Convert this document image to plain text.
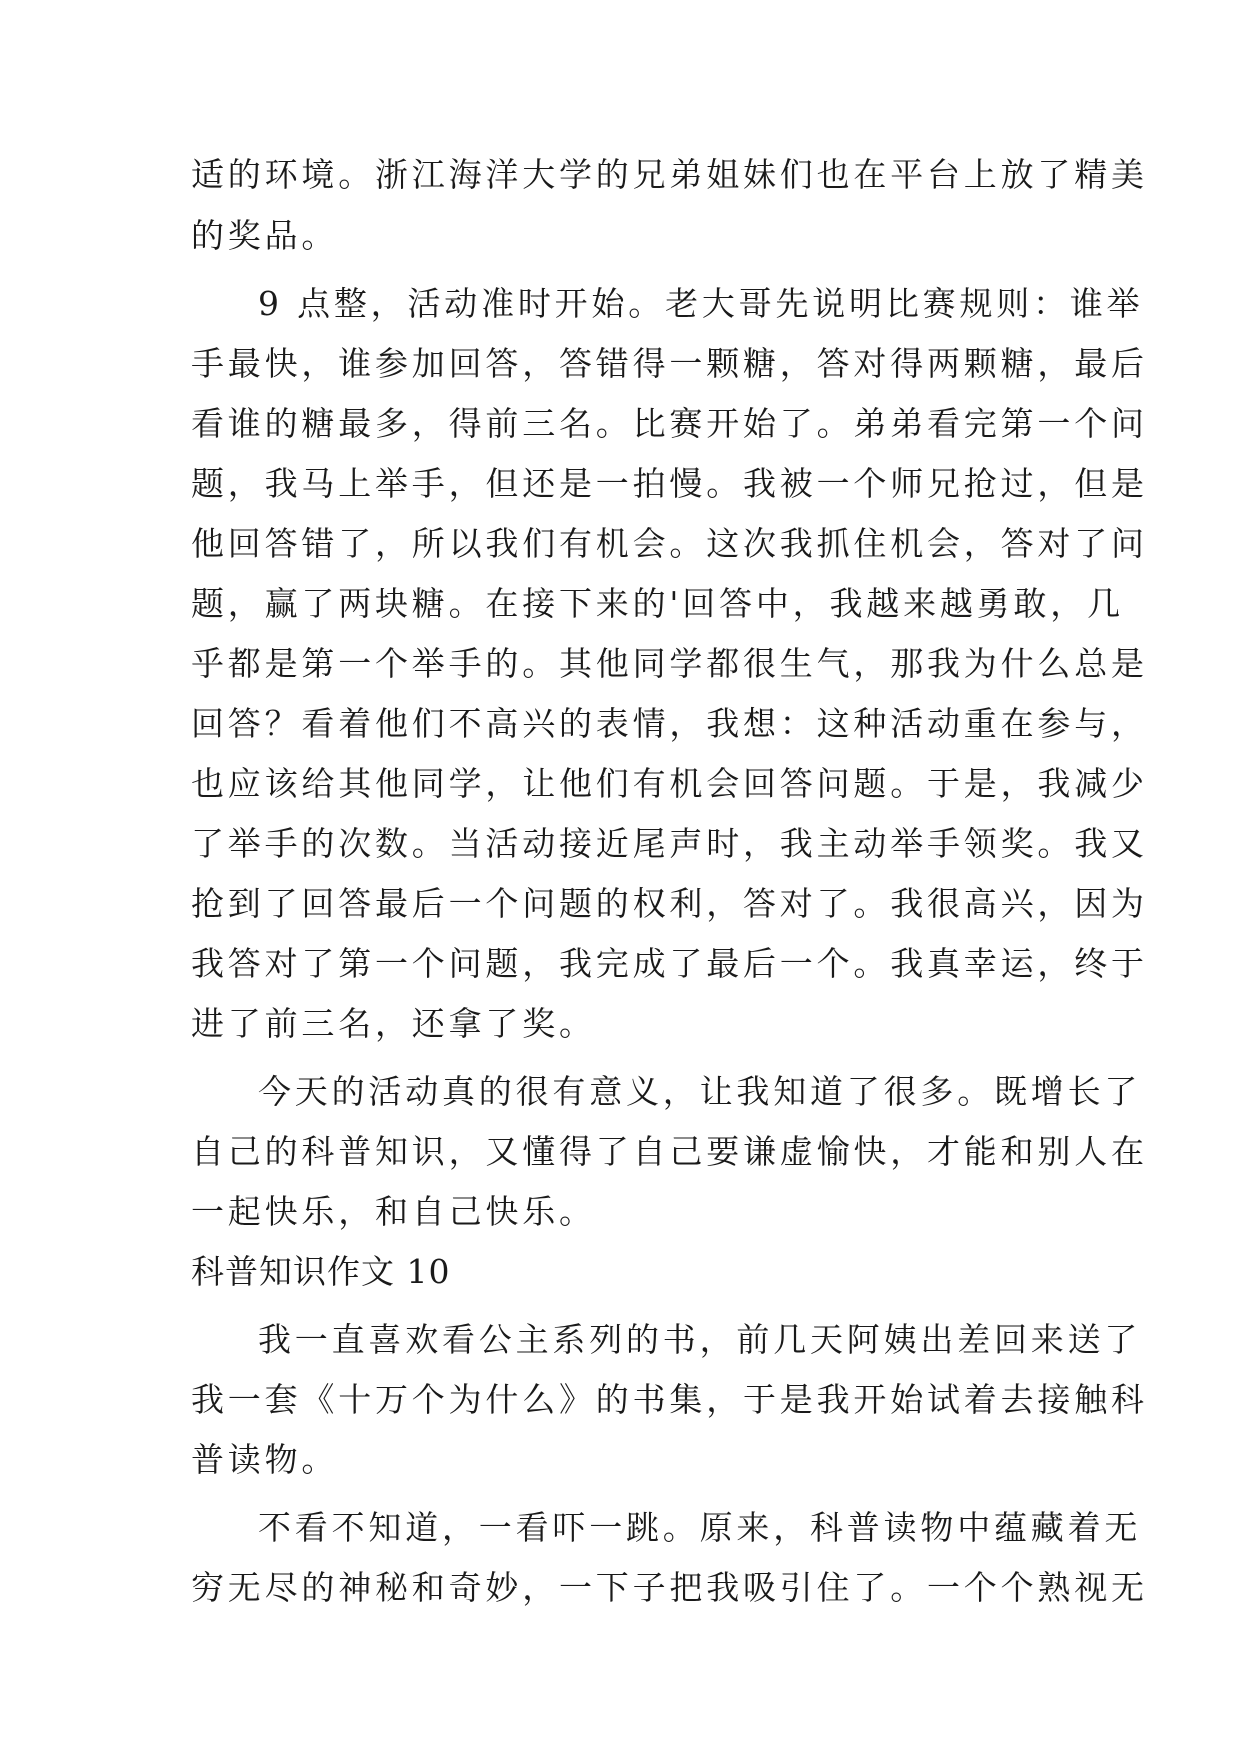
适的环境。浙江海洋大学的兄弟姐妹们也在平台上放了精美
的奖品。
9 点整，活动准时开始。老大哥先说明比赛规则：谁举
手最快，谁参加回答，答错得一颗糖，答对得两颗糖，最后
看谁的糖最多，得前三名。比赛开始了。弟弟看完第一个问
题，我马上举手，但还是一拍慢。我被一个师兄抢过，但是
他回答错了，所以我们有机会。这次我抓住机会，答对了问
题，赢了两块糖。在接下来的'回答中，我越来越勇敢，几
乎都是第一个举手的。其他同学都很生气，那我为什么总是
回答？看着他们不高兴的表情，我想：这种活动重在参与，
也应该给其他同学，让他们有机会回答问题。于是，我减少
了举手的次数。当活动接近尾声时，我主动举手领奖。我又
抢到了回答最后一个问题的权利，答对了。我很高兴，因为
我答对了第一个问题，我完成了最后一个。我真幸运，终于
进了前三名，还拿了奖。
今天的活动真的很有意义，让我知道了很多。既增长了
自己的科普知识，又懂得了自己要谦虚愉快，才能和别人在
一起快乐，和自己快乐。
科普知识作文 10
我一直喜欢看公主系列的书，前几天阿姨出差回来送了
我一套《十万个为什么》的书集，于是我开始试着去接触科
普读物。
不看不知道，一看吓一跳。原来，科普读物中蕴藏着无
穷无尽的神秘和奇妙，一下子把我吸引住了。一个个熟视无
